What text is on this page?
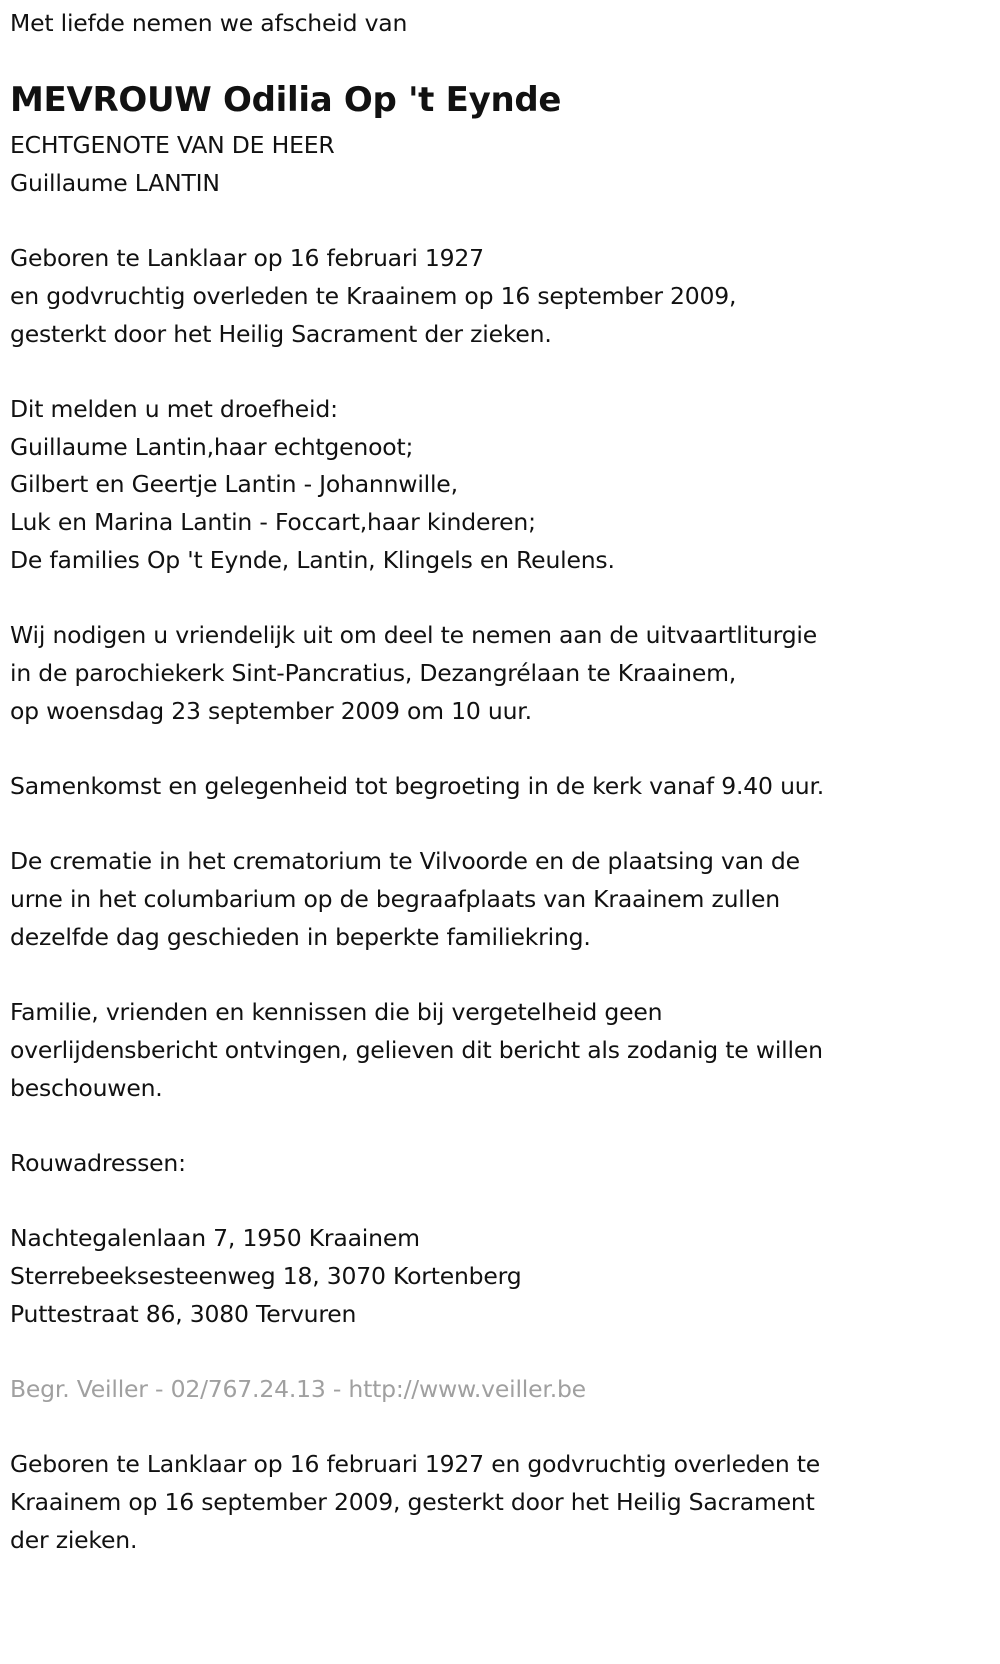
Met liefde nemen we afscheid van
MEVROUW Odilia Op 't Eynde
ECHTGENOTE VAN DE HEER
Guillaume LANTIN
Geboren te Lanklaar op 16 februari 1927
en godvruchtig overleden te Kraainem op 16 september 2009,
gesterkt door het Heilig Sacrament der zieken.
Dit melden u met droefheid:
Guillaume Lantin,haar echtgenoot;
Gilbert en Geertje Lantin - Johannwille,
Luk en Marina Lantin - Foccart,haar kinderen;
De families Op 't Eynde, Lantin, Klingels en Reulens.
Wij nodigen u vriendelijk uit om deel te nemen aan de uitvaartliturgie
in de parochiekerk Sint-Pancratius, Dezangrélaan te Kraainem,
op woensdag 23 september 2009 om 10 uur.
Samenkomst en gelegenheid tot begroeting in de kerk vanaf 9.40 uur.
De crematie in het crematorium te Vilvoorde en de plaatsing van de
urne in het columbarium op de begraafplaats van Kraainem zullen
dezelfde dag geschieden in beperkte familiekring.
Familie, vrienden en kennissen die bij vergetelheid geen
overlijdensbericht ontvingen, gelieven dit bericht als zodanig te willen
beschouwen.
Rouwadressen:
Nachtegalenlaan 7, 1950 Kraainem
Sterrebeeksesteenweg 18, 3070 Kortenberg
Puttestraat 86, 3080 Tervuren
Begr. Veiller - 02/767.24.13 - http://www.veiller.be
Geboren te Lanklaar op 16 februari 1927 en godvruchtig overleden te
Kraainem op 16 september 2009, gesterkt door het Heilig Sacrament
der zieken.
